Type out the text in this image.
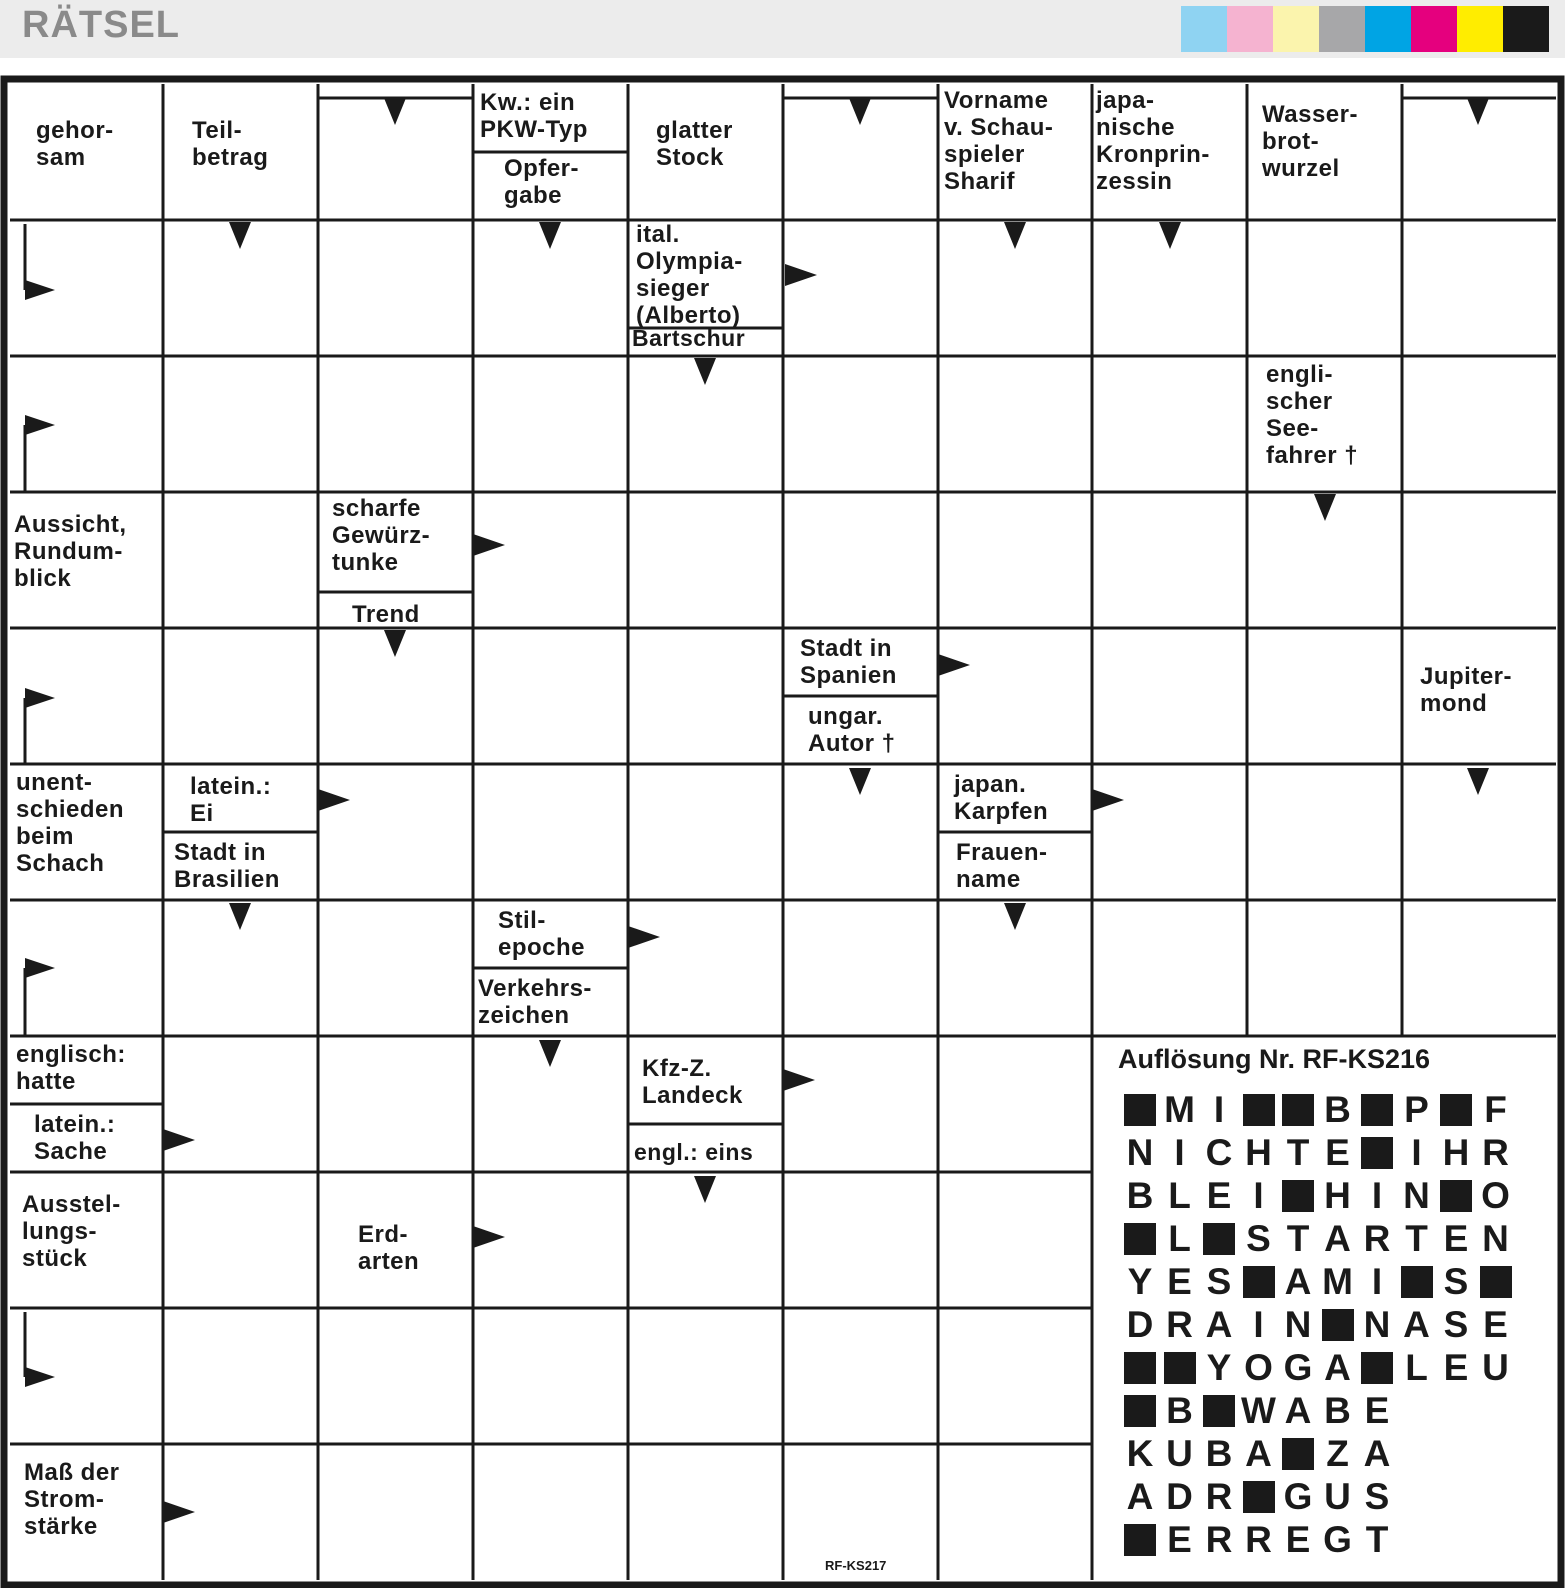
RÄTSEL
gehor-
sam
Teil-
betrag
Kw.: ein
PKW-Typ
Opfer-
gabe
glatter
Stock
Vorname
v. Schau-
spieler
Sharif
japa-
nische
Kronprin-
zessin
Wasser-
brot-
wurzel
ital.
Olympia-
sieger
(Alberto)
Bartschur
engli-
scher
See-
fahrer †
Aussicht,
Rundum-
blick
scharfe
Gewürz-
tunke
Trend
Stadt in
Spanien
ungar.
Autor †
Jupiter-
mond
unent-
schieden
beim
Schach
latein.:
Ei
Stadt in
Brasilien
japan.
Karpfen
Frauen-
name
Stil-
epoche
Verkehrs-
zeichen
englisch:
hatte
latein.:
Sache
Kfz-Z.
Landeck
engl.: eins
Ausstel-
lungs-
stück
Erd-
arten
Maß der
Strom-
stärke
Auflösung Nr. RF-KS216
M I	B P F
N I C H T E	I H R
B L E I	H I N O
L S T A R T E N
Y E S A M I	S
D R A I N N A S E
Y O G A L E U
B W A B E
K U B A Z A
A D R G U S
E R R E G T
RF-KS217
